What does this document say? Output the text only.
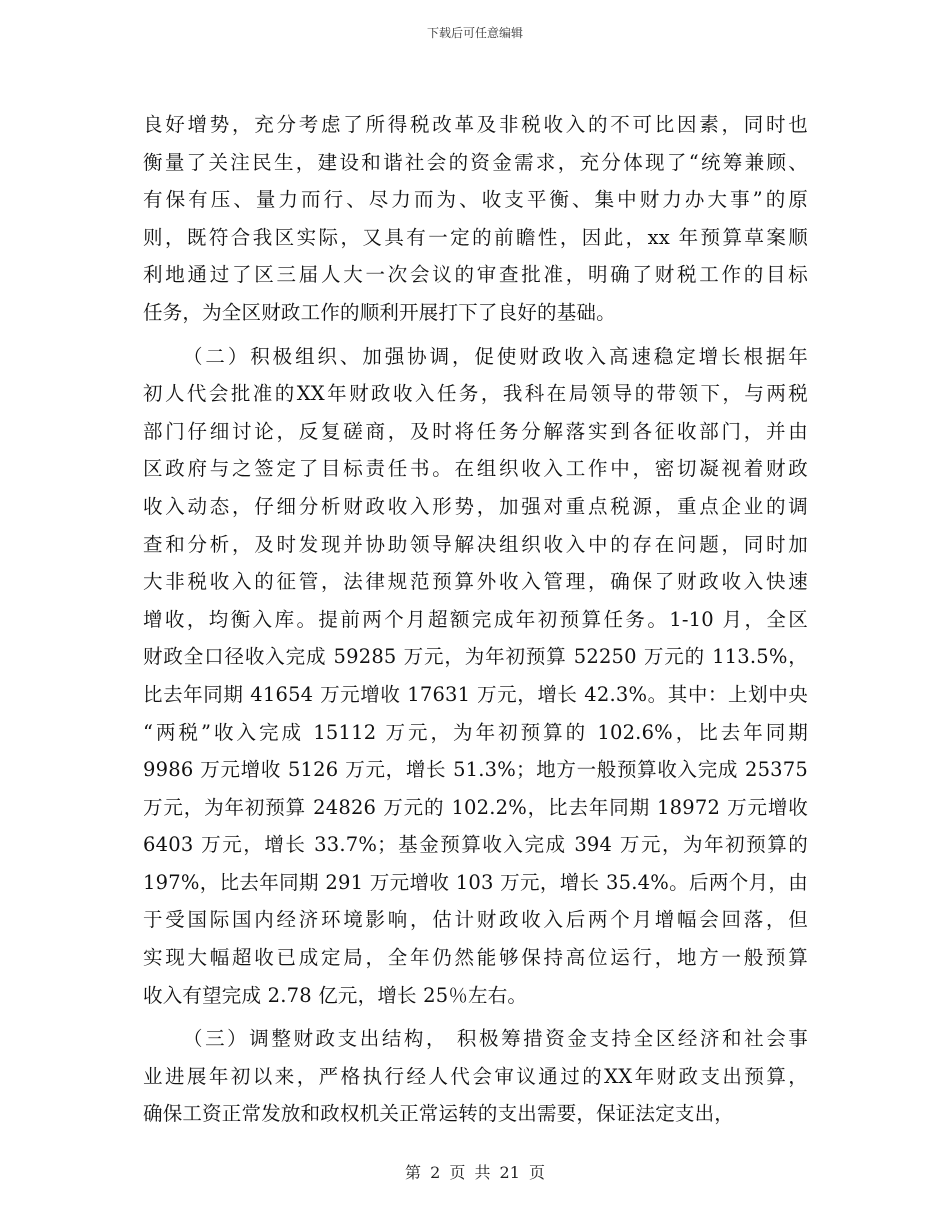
下载后可任意编辑
良好增势，充分考虑了所得税改革及非税收入的不可比因素，同时也
衡量了关注民生，建设和谐社会的资金需求，充分体现了“统筹兼顾、
有保有压、量力而行、尽力而为、收支平衡、集中财力办大事”的原
则，既符合我区实际，又具有一定的前瞻性，因此，xx 年预算草案顺
利地通过了区三届人大一次会议的审查批准，明确了财税工作的目标
任务，为全区财政工作的顺利开展打下了良好的基础。
（二）积极组织、加强协调，促使财政收入高速稳定增长根据年
初人代会批准的XX年财政收入任务，我科在局领导的带领下，与两税
部门仔细讨论，反复磋商，及时将任务分解落实到各征收部门，并由
区政府与之签定了目标责任书。在组织收入工作中，密切凝视着财政
收入动态，仔细分析财政收入形势，加强对重点税源，重点企业的调
查和分析，及时发现并协助领导解决组织收入中的存在问题，同时加
大非税收入的征管，法律规范预算外收入管理，确保了财政收入快速
增收，均衡入库。提前两个月超额完成年初预算任务。1-10 月，全区
财政全口径收入完成 59285 万元，为年初预算 52250 万元的 113.5%，
比去年同期 41654 万元增收 17631 万元，增长 42.3%。其中：上划中央
“两税”收入完成 15112 万元，为年初预算的 102.6%，比去年同期
9986 万元增收 5126 万元，增长 51.3%；地方一般预算收入完成 25375
万元，为年初预算 24826 万元的 102.2%，比去年同期 18972 万元增收
6403 万元，增长 33.7%；基金预算收入完成 394 万元，为年初预算的
197%，比去年同期 291 万元增收 103 万元，增长 35.4%。后两个月，由
于受国际国内经济环境影响，估计财政收入后两个月增幅会回落，但
实现大幅超收已成定局，全年仍然能够保持高位运行，地方一般预算
收入有望完成 2.78 亿元，增长 25％左右。
（三）调整财政支出结构， 积极筹措资金支持全区经济和社会事
业进展年初以来，严格执行经人代会审议通过的XX年财政支出预算，
确保工资正常发放和政权机关正常运转的支出需要，保证法定支出，
第 2 页 共 21 页
